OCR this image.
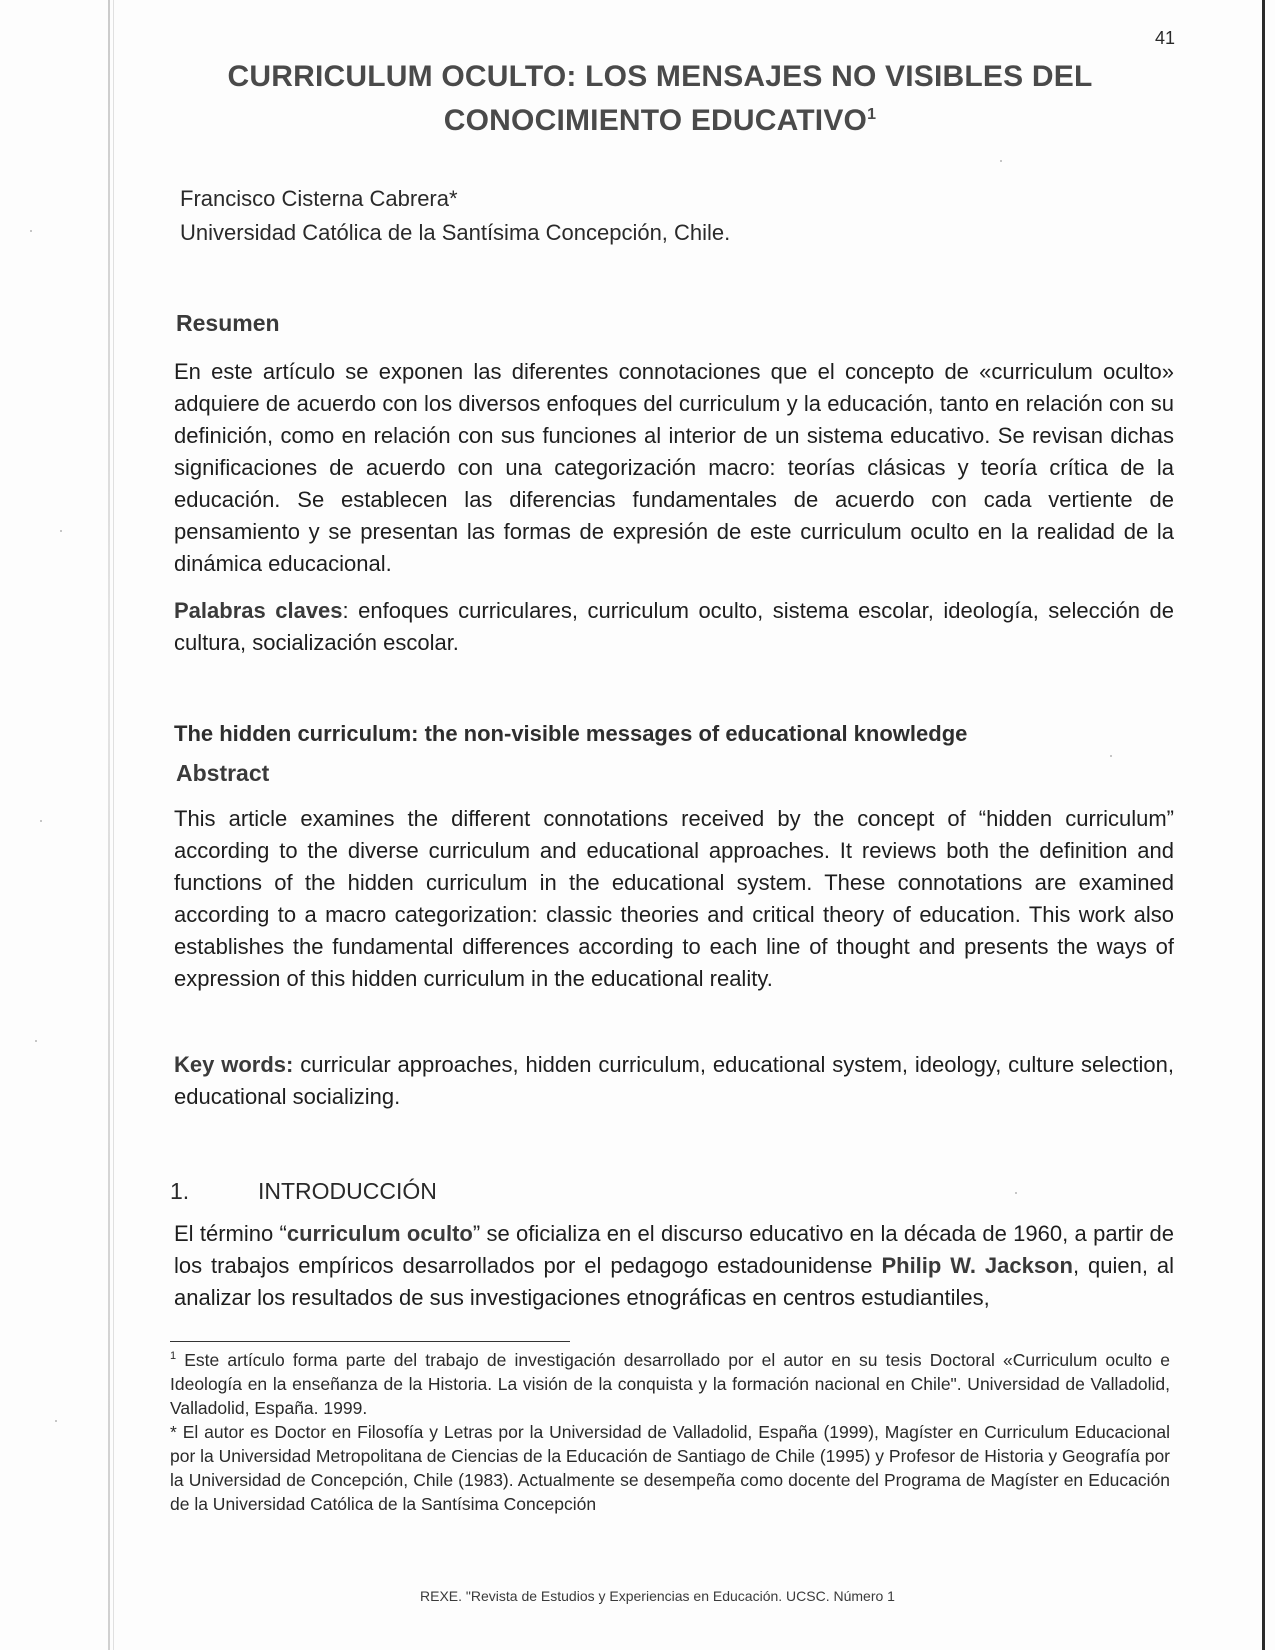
41
CURRICULUM OCULTO: LOS MENSAJES NO VISIBLES DEL
CONOCIMIENTO EDUCATIVO$^1$
Francisco Cisterna Cabrera*
Universidad Católica de la Santísima Concepción, Chile.
Resumen
En este artículo se exponen las diferentes connotaciones que el concepto de «curriculum oculto» adquiere de acuerdo con los diversos enfoques del curriculum y la educación, tanto en relación con su definición, como en relación con sus funciones al interior de un sistema educativo. Se revisan dichas significaciones de acuerdo con una categorización macro: teorías clásicas y teoría crítica de la educación. Se establecen las diferencias fundamentales de acuerdo con cada vertiente de pensamiento y se presentan las formas de expresión de este curriculum oculto en la realidad de la dinámica educacional.
Palabras claves: enfoques curriculares, curriculum oculto, sistema escolar, ideología, selección de cultura, socialización escolar.
The hidden curriculum: the non-visible messages of educational knowledge
Abstract
This article examines the different connotations received by the concept of “hidden curriculum” according to the diverse curriculum and educational approaches. It reviews both the definition and functions of the hidden curriculum in the educational system. These connotations are examined according to a macro categorization: classic theories and critical theory of education. This work also establishes the fundamental differences according to each line of thought and presents the ways of expression of this hidden curriculum in the educational reality.
Key words: curricular approaches, hidden curriculum, educational system, ideology, culture selection, educational socializing.
1.	INTRODUCCIÓN
El término “curriculum oculto” se oficializa en el discurso educativo en la década de 1960, a partir de los trabajos empíricos desarrollados por el pedagogo estadounidense Philip W. Jackson, quien, al analizar los resultados de sus investigaciones etnográficas en centros estudiantiles,

$^1$ Este artículo forma parte del trabajo de investigación desarrollado por el autor en su tesis Doctoral «Curriculum oculto e Ideología en la enseñanza de la Historia. La visión de la conquista y la formación nacional en Chile". Universidad de Valladolid, Valladolid, España. 1999.

* El autor es Doctor en Filosofía y Letras por la Universidad de Valladolid, España (1999), Magíster en Curriculum Educacional por la Universidad Metropolitana de Ciencias de la Educación de Santiago de Chile (1995) y Profesor de Historia y Geografía por la Universidad de Concepción, Chile (1983). Actualmente se desempeña como docente del Programa de Magíster en Educación de la Universidad Católica de la Santísima Concepción

REXE. "Revista de Estudios y Experiencias en Educación. UCSC. Número 1
